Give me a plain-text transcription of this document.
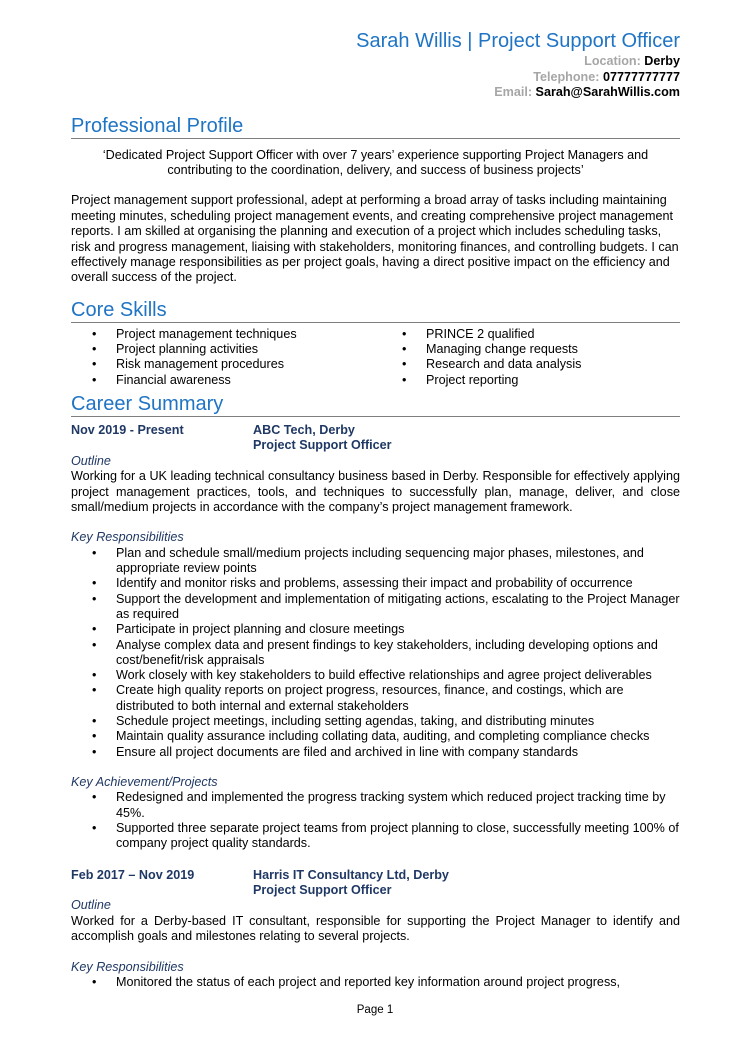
Sarah Willis | Project Support Officer
Location: Derby
Telephone: 07777777777
Email: Sarah@SarahWillis.com
Professional Profile
‘Dedicated Project Support Officer with over 7 years’ experience supporting Project Managers and contributing to the coordination, delivery, and success of business projects’
Project management support professional, adept at performing a broad array of tasks including maintaining meeting minutes, scheduling project management events, and creating comprehensive project management reports. I am skilled at organising the planning and execution of a project which includes scheduling tasks, risk and progress management, liaising with stakeholders, monitoring finances, and controlling budgets. I can effectively manage responsibilities as per project goals, having a direct positive impact on the efficiency and overall success of the project.
Core Skills
• Project management techniques
• Project planning activities
• Risk management procedures
• Financial awareness
• PRINCE 2 qualified
• Managing change requests
• Research and data analysis
• Project reporting
Career Summary
Nov 2019 - Present	ABC Tech, Derby
Project Support Officer
Outline
Working for a UK leading technical consultancy business based in Derby. Responsible for effectively applying project management practices, tools, and techniques to successfully plan, manage, deliver, and close small/medium projects in accordance with the company’s project management framework.
Key Responsibilities
• Plan and schedule small/medium projects including sequencing major phases, milestones, and appropriate review points
• Identify and monitor risks and problems, assessing their impact and probability of occurrence
• Support the development and implementation of mitigating actions, escalating to the Project Manager as required
• Participate in project planning and closure meetings
• Analyse complex data and present findings to key stakeholders, including developing options and cost/benefit/risk appraisals
• Work closely with key stakeholders to build effective relationships and agree project deliverables
• Create high quality reports on project progress, resources, finance, and costings, which are distributed to both internal and external stakeholders
• Schedule project meetings, including setting agendas, taking, and distributing minutes
• Maintain quality assurance including collating data, auditing, and completing compliance checks
• Ensure all project documents are filed and archived in line with company standards
Key Achievement/Projects
• Redesigned and implemented the progress tracking system which reduced project tracking time by 45%.
• Supported three separate project teams from project planning to close, successfully meeting 100% of company project quality standards.
Feb 2017 – Nov 2019	Harris IT Consultancy Ltd, Derby
Project Support Officer
Outline
Worked for a Derby-based IT consultant, responsible for supporting the Project Manager to identify and accomplish goals and milestones relating to several projects.
Key Responsibilities
• Monitored the status of each project and reported key information around project progress,
Page 1
